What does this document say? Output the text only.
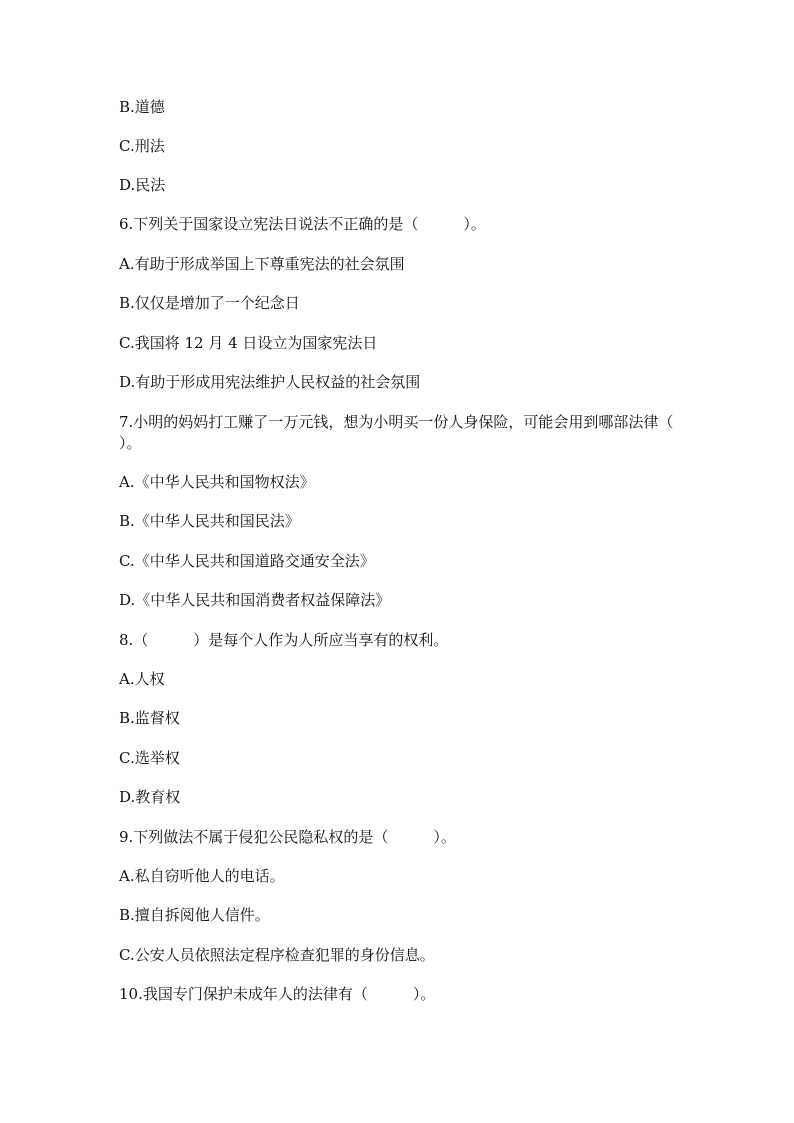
B.道德
C.刑法
D.民法
6.下列关于国家设立宪法日说法不正确的是（　　　）。
A.有助于形成举国上下尊重宪法的社会氛围
B.仅仅是增加了一个纪念日
C.我国将 12 月 4 日设立为国家宪法日
D.有助于形成用宪法维护人民权益的社会氛围
7.小明的妈妈打工赚了一万元钱，想为小明买一份人身保险，可能会用到哪部法律（　　　）。
A.《中华人民共和国物权法》
B.《中华人民共和国民法》
C.《中华人民共和国道路交通安全法》
D.《中华人民共和国消费者权益保障法》
8.（　　　）是每个人作为人所应当享有的权利。
A.人权
B.监督权
C.选举权
D.教育权
9.下列做法不属于侵犯公民隐私权的是（　　　）。
A.私自窃听他人的电话。
B.擅自拆阅他人信件。
C.公安人员依照法定程序检查犯罪的身份信息。
10.我国专门保护未成年人的法律有（　　　）。
